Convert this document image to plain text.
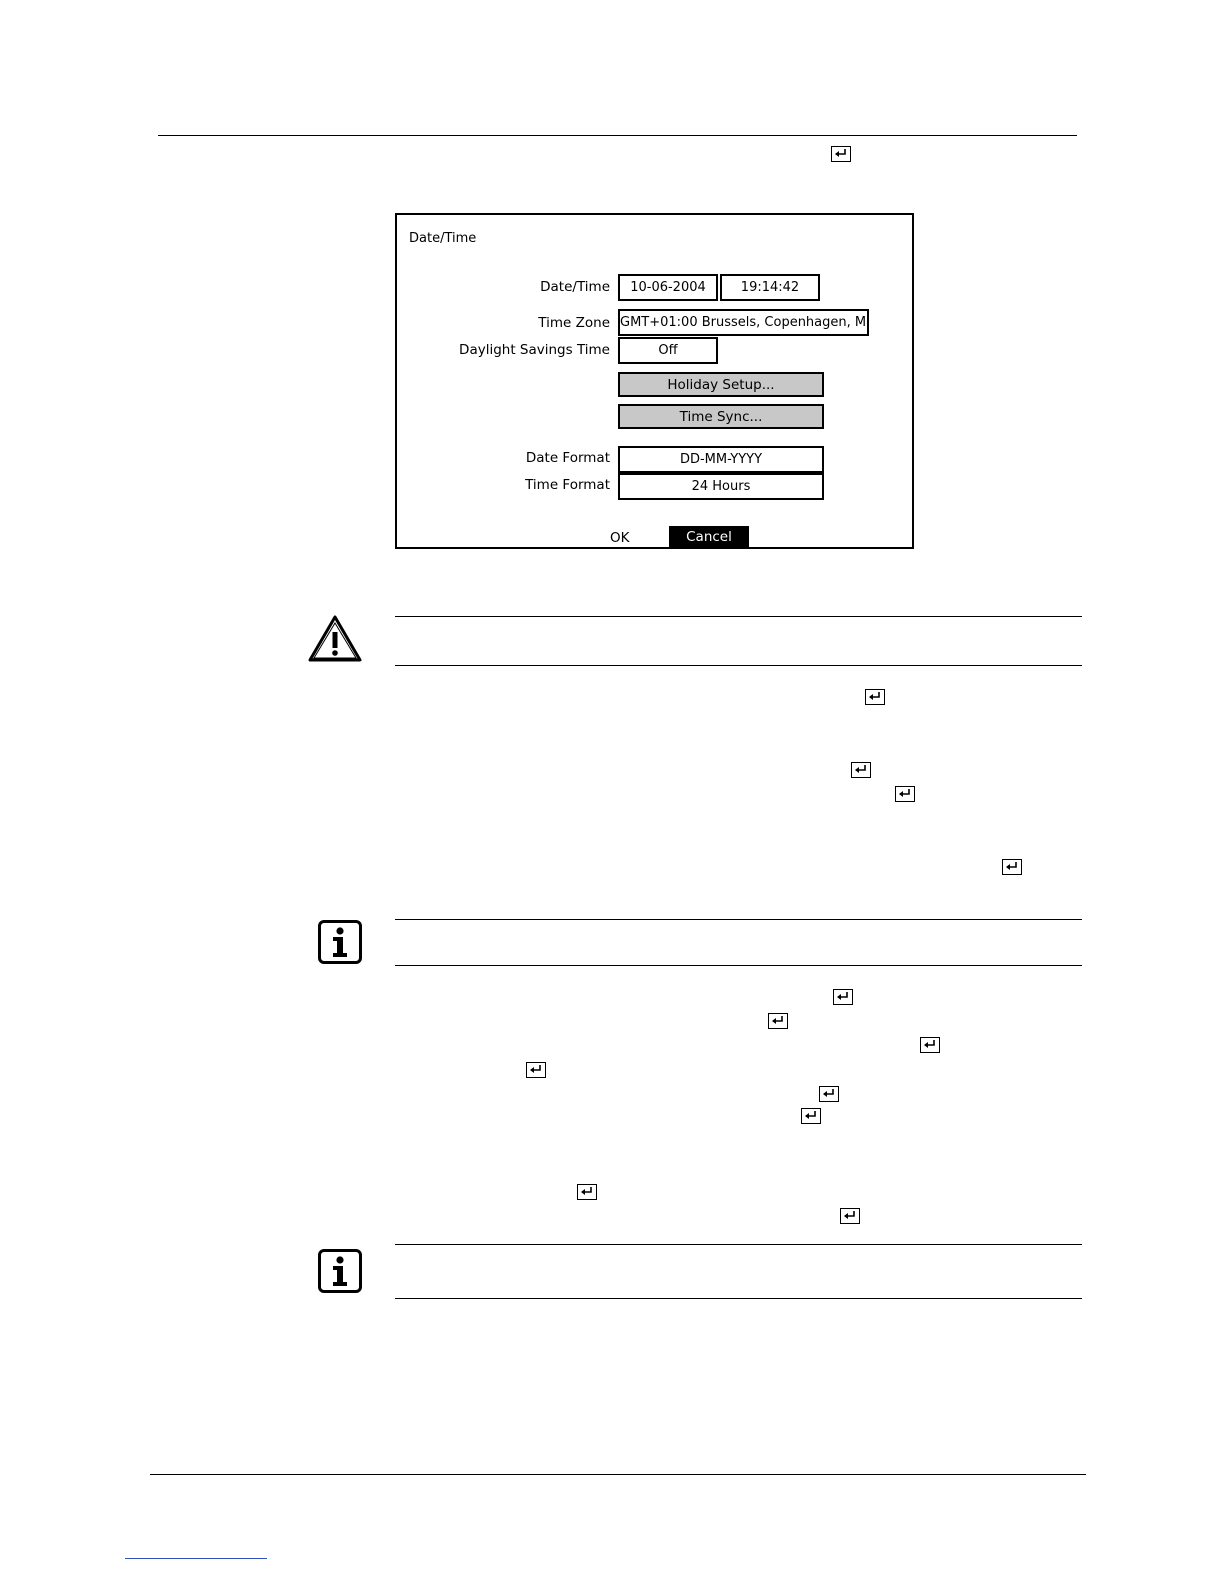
Date/Time
Date/Time	10-06-2004	19:14:42
Time Zone GMT+01:00 Brussels, Copenhagen, M
Daylight Savings Time	Off
Holiday Setup...
Time Sync...
Date Format	DD-MM-YYYY
Time Format	24 Hours
OK	Cancel
